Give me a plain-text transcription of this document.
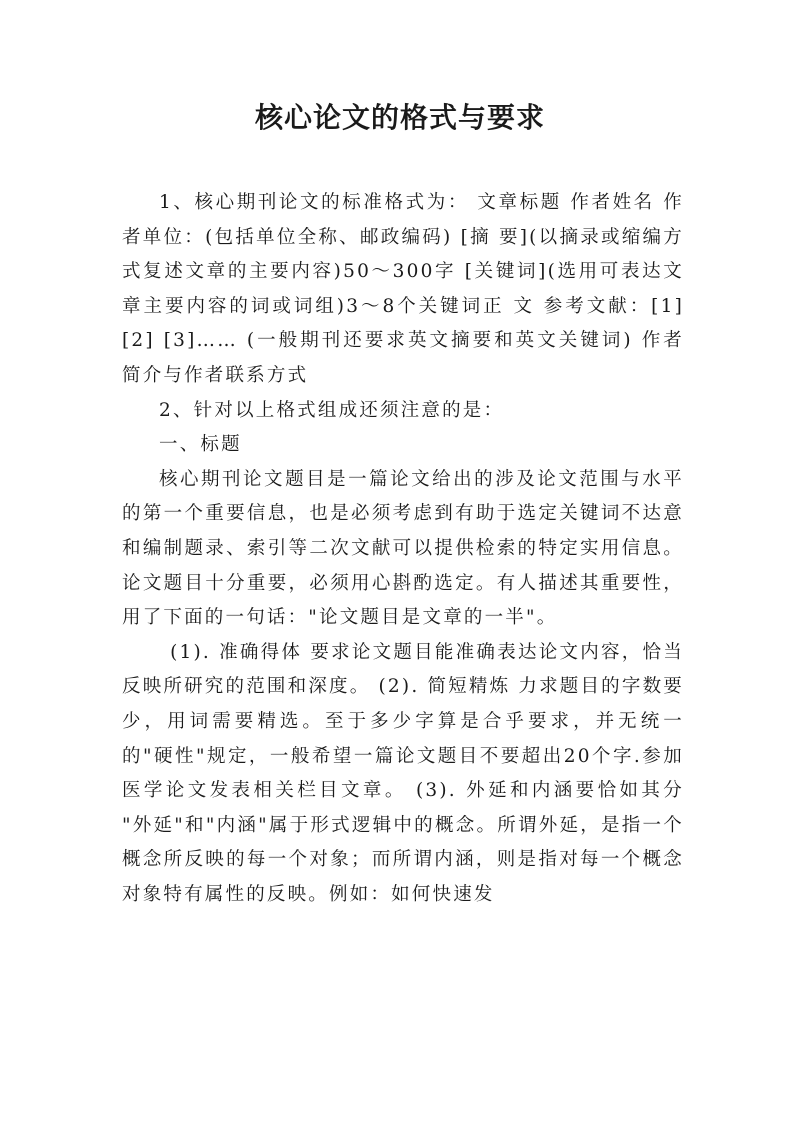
核心论文的格式与要求

1、核心期刊论文的标准格式为： 文章标题 作者姓名 作者单位：(包括单位全称、邮政编码) [摘 要](以摘录或缩编方式复述文章的主要内容)50～300字 [关键词](选用可表达文章主要内容的词或词组)3～8个关键词正 文 参考文献：[1] [2] [3]…… (一般期刊还要求英文摘要和英文关键词) 作者简介与作者联系方式

2、针对以上格式组成还须注意的是：

一、标题

核心期刊论文题目是一篇论文给出的涉及论文范围与水平的第一个重要信息，也是必须考虑到有助于选定关键词不达意和编制题录、索引等二次文献可以提供检索的特定实用信息。 论文题目十分重要，必须用心斟酌选定。有人描述其重要性，用了下面的一句话："论文题目是文章的一半"。

(1). 准确得体 要求论文题目能准确表达论文内容，恰当反映所研究的范围和深度。 (2). 简短精炼 力求题目的字数要少，用词需要精选。至于多少字算是合乎要求，并无统一的"硬性"规定，一般希望一篇论文题目不要超出20个字.参加医学论文发表相关栏目文章。 (3). 外延和内涵要恰如其分 "外延"和"内涵"属于形式逻辑中的概念。所谓外延，是指一个概念所反映的每一个对象；而所谓内涵，则是指对每一个概念对象特有属性的反映。例如：如何快速发
